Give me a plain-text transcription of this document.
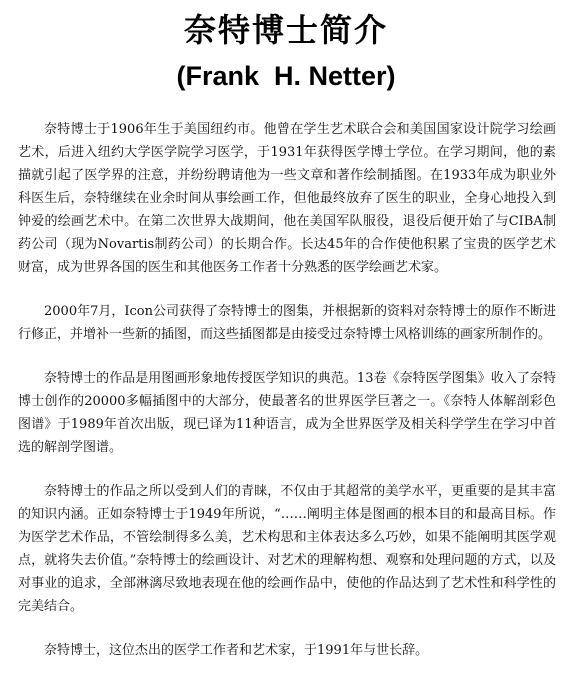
奈特博士简介
(Frank  H. Netter)

奈特博士于1906年生于美国纽约市。他曾在学生艺术联合会和美国国家设计院学习绘画艺术，后进入纽约大学医学院学习医学，于1931年获得医学博士学位。在学习期间，他的素描就引起了医学界的注意，并纷纷聘请他为一些文章和著作绘制插图。在1933年成为职业外科医生后，奈特继续在业余时间从事绘画工作，但他最终放弃了医生的职业，全身心地投入到钟爱的绘画艺术中。在第二次世界大战期间，他在美国军队服役，退役后便开始了与CIBA制药公司（现为Novartis制药公司）的长期合作。长达45年的合作使他积累了宝贵的医学艺术财富，成为世界各国的医生和其他医务工作者十分熟悉的医学绘画艺术家。

2000年7月，Icon公司获得了奈特博士的图集，并根据新的资料对奈特博士的原作不断进行修正，并增补一些新的插图，而这些插图都是由接受过奈特博士风格训练的画家所制作的。

奈特博士的作品是用图画形象地传授医学知识的典范。13卷《奈特医学图集》收入了奈特博士创作的20000多幅插图中的大部分，使最著名的世界医学巨著之一。《奈特人体解剖彩色图谱》于1989年首次出版，现已译为11种语言，成为全世界医学及相关科学学生在学习中首选的解剖学图谱。

奈特博士的作品之所以受到人们的青睐，不仅由于其超常的美学水平，更重要的是其丰富的知识内涵。正如奈特博士于1949年所说，“……阐明主体是图画的根本目的和最高目标。作为医学艺术作品，不管绘制得多么美，艺术构思和主体表达多么巧妙，如果不能阐明其医学观点，就将失去价值。”奈特博士的绘画设计、对艺术的理解构想、观察和处理问题的方式，以及对事业的追求，全部淋漓尽致地表现在他的绘画作品中，使他的作品达到了艺术性和科学性的完美结合。

奈特博士，这位杰出的医学工作者和艺术家，于1991年与世长辞。
